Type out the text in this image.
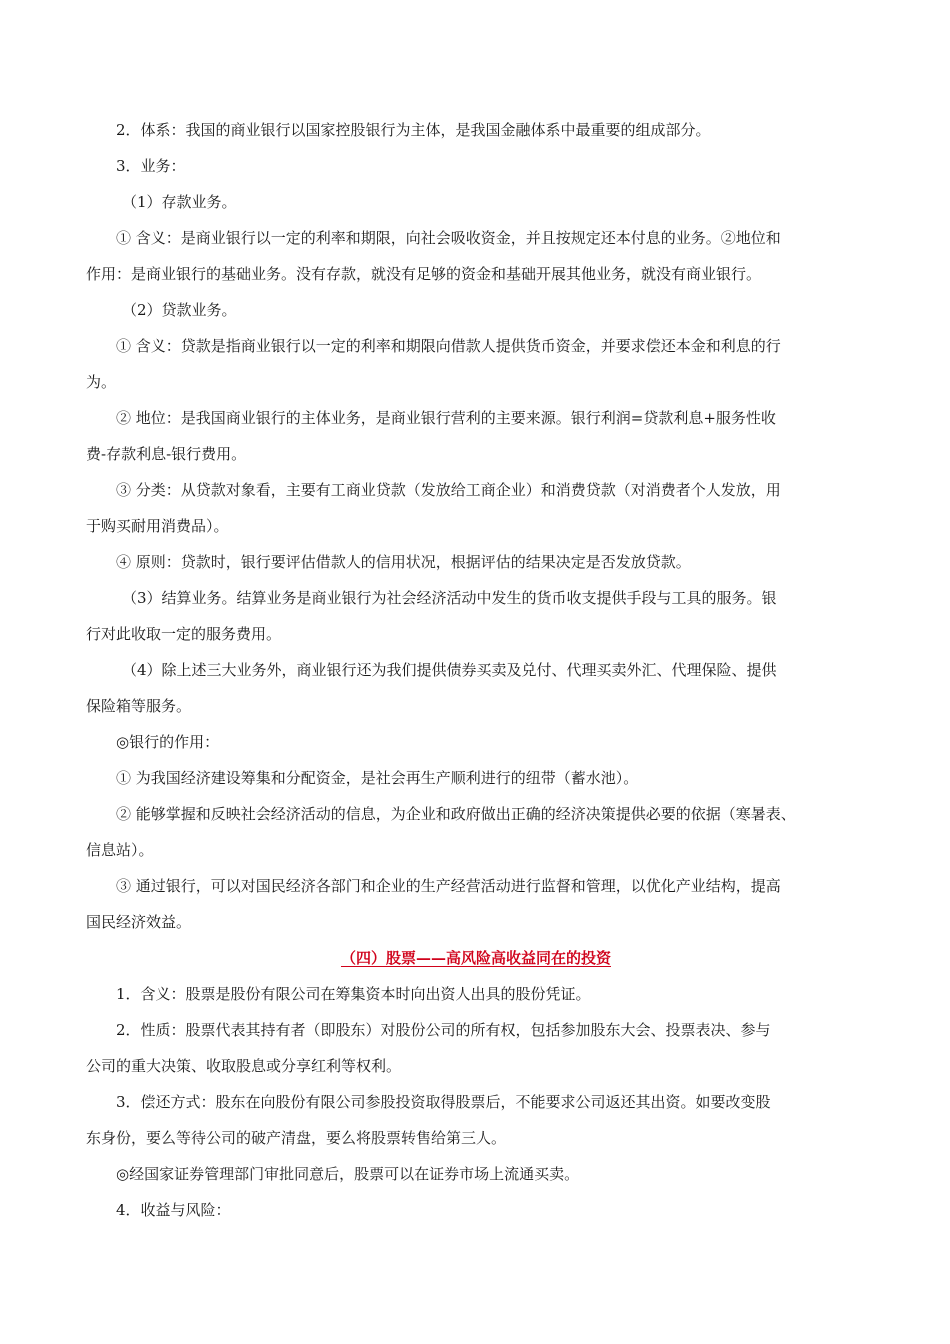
2．体系：我国的商业银行以国家控股银行为主体，是我国金融体系中最重要的组成部分。

3．业务：

（1）存款业务。

① 含义：是商业银行以一定的利率和期限，向社会吸收资金，并且按规定还本付息的业务。②地位和

作用：是商业银行的基础业务。没有存款，就没有足够的资金和基础开展其他业务，就没有商业银行。

（2）贷款业务。

① 含义：贷款是指商业银行以一定的利率和期限向借款人提供货币资金，并要求偿还本金和利息的行

为。

② 地位：是我国商业银行的主体业务，是商业银行营利的主要来源。银行利润=贷款利息+服务性收

费-存款利息-银行费用。

③ 分类：从贷款对象看，主要有工商业贷款（发放给工商企业）和消费贷款（对消费者个人发放，用

于购买耐用消费品）。

④ 原则：贷款时，银行要评估借款人的信用状况，根据评估的结果决定是否发放贷款。

（3）结算业务。结算业务是商业银行为社会经济活动中发生的货币收支提供手段与工具的服务。银

行对此收取一定的服务费用。

（4）除上述三大业务外，商业银行还为我们提供债券买卖及兑付、代理买卖外汇、代理保险、提供

保险箱等服务。

◎银行的作用：

① 为我国经济建设筹集和分配资金，是社会再生产顺利进行的纽带（蓄水池）。

② 能够掌握和反映社会经济活动的信息，为企业和政府做出正确的经济决策提供必要的依据（寒暑表、

信息站）。

③ 通过银行，可以对国民经济各部门和企业的生产经营活动进行监督和管理，以优化产业结构，提高

国民经济效益。

（四）股票——高风险高收益同在的投资

1．含义：股票是股份有限公司在筹集资本时向出资人出具的股份凭证。

2．性质：股票代表其持有者（即股东）对股份公司的所有权，包括参加股东大会、投票表决、参与

公司的重大决策、收取股息或分享红利等权利。

3．偿还方式：股东在向股份有限公司参股投资取得股票后，不能要求公司返还其出资。如要改变股

东身份，要么等待公司的破产清盘，要么将股票转售给第三人。

◎经国家证券管理部门审批同意后，股票可以在证券市场上流通买卖。

4．收益与风险：
